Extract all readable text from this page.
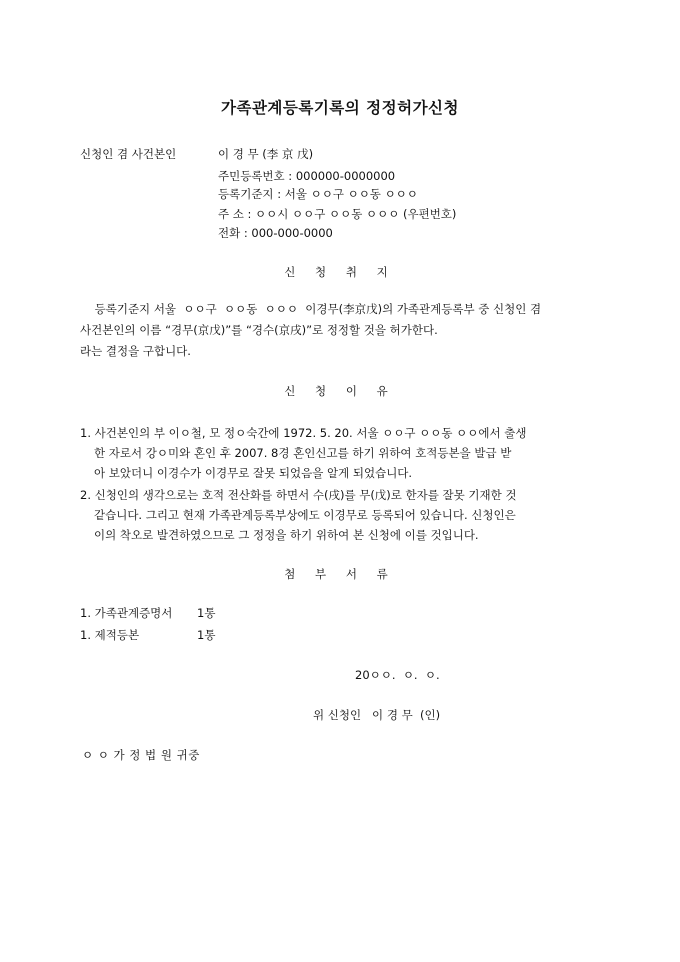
가족관계등록기록의 정정허가신청
신청인 겸 사건본인	이 경 무 (李 京 戊)
주민등록번호 : 000000-0000000
등록기준지 : 서울 ㅇㅇ구 ㅇㅇ동 ㅇㅇㅇ
주 소 : ㅇㅇ시 ㅇㅇ구 ㅇㅇ동 ㅇㅇㅇ (우편번호)
전화 : 000-000-0000
신 청 취 지
등록기준지 서울  ㅇㅇ구  ㅇㅇ동  ㅇㅇㅇ  이경무(李京戊)의 가족관계등록부 중 신청인 겸
사건본인의 이름 “경무(京戊)”를 “경수(京戌)”로 정정할 것을 허가한다.
라는 결정을 구합니다.
신 청 이 유
1. 사건본인의 부 이ㅇ철, 모 정ㅇ숙간에 1972. 5. 20. 서울 ㅇㅇ구 ㅇㅇ동 ㅇㅇ에서 출생
한 자로서 강ㅇ미와 혼인 후 2007. 8경 혼인신고를 하기 위하여 호적등본을 발급 받
아 보았더니 이경수가 이경무로 잘못 되었음을 알게 되었습니다.
2. 신청인의 생각으로는 호적 전산화를 하면서 수(戌)를 무(戊)로 한자를 잘못 기재한 것
같습니다. 그리고 현재 가족관계등록부상에도 이경무로 등록되어 있습니다. 신청인은
이의 착오로 발견하였으므로 그 정정을 하기 위하여 본 신청에 이를 것입니다.
첨 부 서 류
1. 가족관계증명서 1통
1. 제적등본	1통
20ㅇㅇ.  ㅇ.  ㅇ.
위 신청인   이 경 무  (인)
ㅇ ㅇ 가 정 법 원 귀중
